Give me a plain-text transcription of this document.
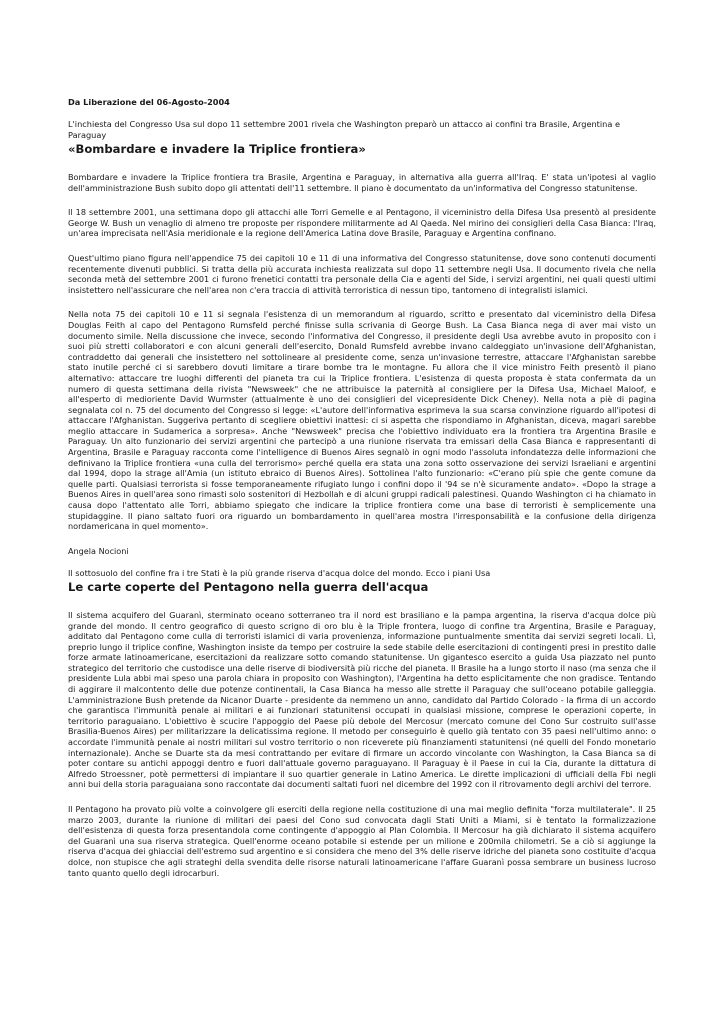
Da Liberazione del 06-Agosto-2004

L'inchiesta del Congresso Usa sul dopo 11 settembre 2001 rivela che Washington preparò un attacco ai confini tra Brasile, Argentina e Paraguay

«Bombardare e invadere la Triplice frontiera»

Bombardare e invadere la Triplice frontiera tra Brasile, Argentina e Paraguay, in alternativa alla guerra all'Iraq. E' stata un'ipotesi al vaglio dell'amministrazione Bush subito dopo gli attentati dell'11 settembre. Il piano è documentato da un'informativa del Congresso statunitense.

Il 18 settembre 2001, una settimana dopo gli attacchi alle Torri Gemelle e al Pentagono, il viceministro della Difesa Usa presentò al presidente George W. Bush un venaglio di almeno tre proposte per rispondere militarmente ad Al Qaeda. Nel mirino dei consiglieri della Casa Bianca: l'Iraq, un'area imprecisata nell'Asia meridionale e la regione dell'America Latina dove Brasile, Paraguay e Argentina confinano.

Quest'ultimo piano figura nell'appendice 75 dei capitoli 10 e 11 di una informativa del Congresso statunitense, dove sono contenuti documenti recentemente divenuti pubblici. Si tratta della più accurata inchiesta realizzata sul dopo 11 settembre negli Usa. Il documento rivela che nella seconda metà del settembre 2001 ci furono frenetici contatti tra personale della Cia e agenti del Side, i servizi argentini, nei quali questi ultimi insistettero nell'assicurare che nell'area non c'era traccia di attività terroristica di nessun tipo, tantomeno di integralisti islamici.

Nella nota 75 dei capitoli 10 e 11 si segnala l'esistenza di un memorandum al riguardo, scritto e presentato dal viceministro della Difesa Douglas Feith al capo del Pentagono Rumsfeld perché finisse sulla scrivania di George Bush. La Casa Bianca nega di aver mai visto un documento simile. Nella discussione che invece, secondo l'informativa del Congresso, il presidente degli Usa avrebbe avuto in proposito con i suoi più stretti collaboratori e con alcuni generali dell'esercito, Donald Rumsfeld avrebbe invano caldeggiato un'invasione dell'Afghanistan, contraddetto dai generali che insistettero nel sottolineare al presidente come, senza un'invasione terrestre, attaccare l'Afghanistan sarebbe stato inutile perché ci si sarebbero dovuti limitare a tirare bombe tra le montagne. Fu allora che il vice ministro Feith presentò il piano alternativo: attaccare tre luoghi differenti del pianeta tra cui la Triplice frontiera. L'esistenza di questa proposta è stata confermata da un numero di questa settimana della rivista "Newsweek" che ne attribuisce la paternità al consigliere per la Difesa Usa, Michael Maloof, e all'esperto di medioriente David Wurmster (attualmente è uno dei consiglieri del vicepresidente Dick Cheney). Nella nota a piè di pagina segnalata col n. 75 del documento del Congresso si legge: «L'autore dell'informativa esprimeva la sua scarsa convinzione riguardo all'ipotesi di attaccare l'Afghanistan. Suggeriva pertanto di scegliere obiettivi inattesi: ci si aspetta che rispondiamo in Afghanistan, diceva, magari sarebbe meglio attaccare in Sudamerica a sorpresa». Anche "Newsweek" precisa che l'obiettivo individuato era la frontiera tra Argentina Brasile e Paraguay. Un alto funzionario dei servizi argentini che partecipò a una riunione riservata tra emissari della Casa Bianca e rappresentanti di Argentina, Brasile e Paraguay racconta come l'intelligence di Buenos Aires segnalò in ogni modo l'assoluta infondatezza delle informazioni che definivano la Triplice frontiera «una culla del terrorismo» perché quella era stata una zona sotto osservazione dei servizi Israeliani e argentini dal 1994, dopo la strage all'Amia (un istituto ebraico di Buenos Aires). Sottolinea l'alto funzionario: «C'erano più spie che gente comune da quelle parti. Qualsiasi terrorista si fosse temporaneamente rifugiato lungo i confini dopo il '94 se n'è sicuramente andato». «Dopo la strage a Buenos Aires in quell'area sono rimasti solo sostenitori di Hezbollah e di alcuni gruppi radicali palestinesi. Quando Washington ci ha chiamato in causa dopo l'attentato alle Torri, abbiamo spiegato che indicare la triplice frontiera come una base di terroristi è semplicemente una stupidaggine. Il piano saltato fuori ora riguardo un bombardamento in quell'area mostra l'irresponsabilità e la confusione della dirigenza nordamericana in quel momento».

Angela Nocioni

Il sottosuolo del confine fra i tre Stati è la più grande riserva d'acqua dolce del mondo. Ecco i piani Usa

Le carte coperte del Pentagono nella guerra dell'acqua

Il sistema acquifero del Guaranì, sterminato oceano sotterraneo tra il nord est brasiliano e la pampa argentina, la riserva d'acqua dolce più grande del mondo. Il centro geografico di questo scrigno di oro blu è la Triple frontera, luogo di confine tra Argentina, Brasile e Paraguay, additato dal Pentagono come culla di terroristi islamici di varia provenienza, informazione puntualmente smentita dai servizi segreti locali. Lì, preprio lungo il triplice confine, Washington insiste da tempo per costruire la sede stabile delle esercitazioni di contingenti presi in prestito dalle forze armate latinoamericane, esercitazioni da realizzare sotto comando statunitense. Un gigantesco esercito a guida Usa piazzato nel punto strategico del territorio che custodisce una delle riserve di biodiversità più ricche del pianeta. Il Brasile ha a lungo storto il naso (ma senza che il presidente Lula abbi mai speso una parola chiara in proposito con Washington), l'Argentina ha detto esplicitamente che non gradisce. Tentando di aggirare il malcontento delle due potenze continentali, la Casa Bianca ha messo alle strette il Paraguay che sull'oceano potabile galleggia. L'amministrazione Bush pretende da Nicanor Duarte - presidente da nemmeno un anno, candidato dal Partido Colorado - la firma di un accordo che garantisca l'immunità penale ai militari e ai funzionari statunitensi occupati in qualsiasi missione, comprese le operazioni coperte, in territorio paraguaiano. L'obiettivo è scucire l'appoggio del Paese più debole del Mercosur (mercato comune del Cono Sur costruito sull'asse Brasilia-Buenos Aires) per militarizzare la delicatissima regione. Il metodo per conseguirlo è quello già tentato con 35 paesi nell'ultimo anno: o accordate l'immunità penale ai nostri militari sul vostro territorio o non riceverete più finanziamenti statunitensi (né quelli del Fondo monetario internazionale). Anche se Duarte sta da mesi contrattando per evitare di firmare un accordo vincolante con Washington, la Casa Bianca sa di poter contare su antichi appoggi dentro e fuori dall'attuale governo paraguayano. Il Paraguay è il Paese in cui la Cia, durante la dittatura di Alfredo Stroessner, potè permettersi di impiantare il suo quartier generale in Latino America. Le dirette implicazioni di ufficiali della Fbi negli anni bui della storia paraguaiana sono raccontate dai documenti saltati fuori nel dicembre del 1992 con il ritrovamento degli archivi del terrore.

Il Pentagono ha provato più volte a coinvolgere gli eserciti della regione nella costituzione di una mai meglio definita "forza multilaterale". Il 25 marzo 2003, durante la riunione di militari dei paesi del Cono sud convocata dagli Stati Uniti a Miami, si è tentato la formalizzazione dell'esistenza di questa forza presentandola come contingente d'appoggio al Plan Colombia. Il Mercosur ha già dichiarato il sistema acquifero del Guaranì una sua riserva strategica. Quell'enorme oceano potabile si estende per un milione e 200mila chilometri. Se a ciò si aggiunge la riserva d'acqua dei ghiacciai dell'estremo sud argentino e si considera che meno del 3% delle riserve idriche del pianeta sono costituite d'acqua dolce, non stupisce che agli strateghi della svendita delle risorse naturali latinoamericane l'affare Guaranì possa sembrare un business lucroso tanto quanto quello degli idrocarburi.
